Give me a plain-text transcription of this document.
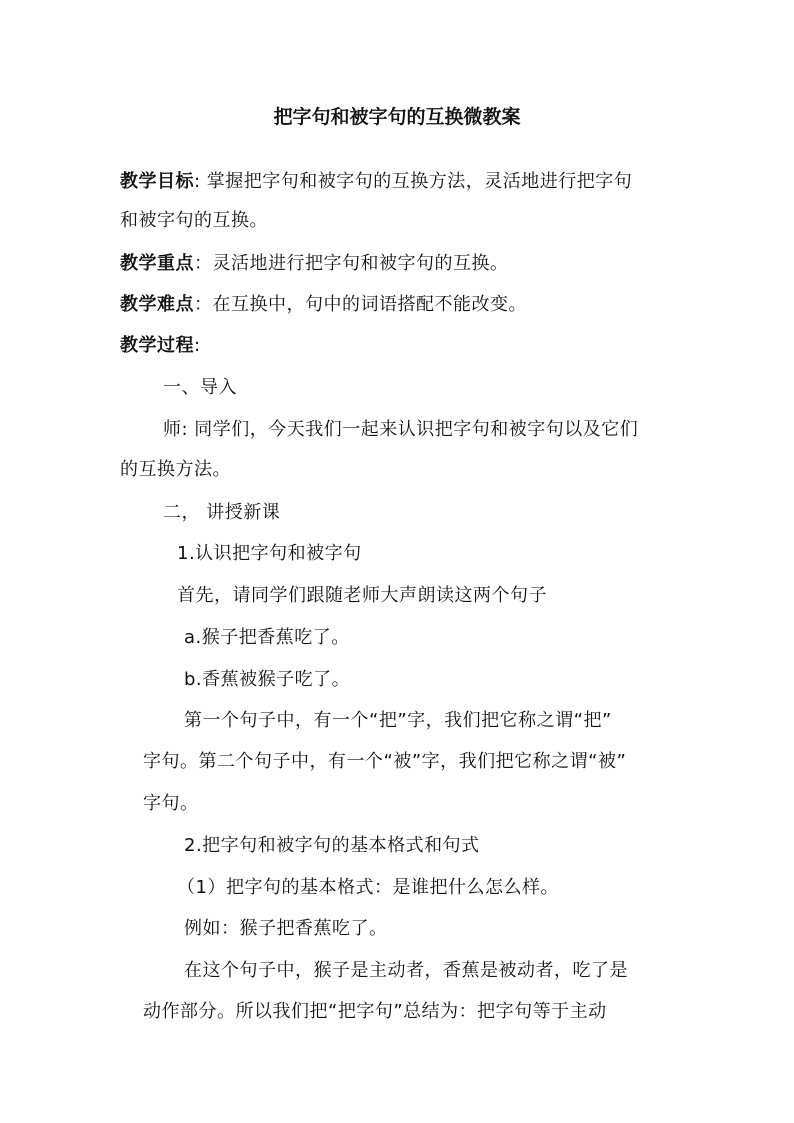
把字句和被字句的互换微教案
教学目标: 掌握把字句和被字句的互换方法，灵活地进行把字句
和被字句的互换。
教学重点：灵活地进行把字句和被字句的互换。
教学难点：在互换中，句中的词语搭配不能改变。
教学过程:
一、导入
师: 同学们，今天我们一起来认识把字句和被字句以及它们
的互换方法。
二， 讲授新课
1.认识把字句和被字句
首先，请同学们跟随老师大声朗读这两个句子
a.猴子把香蕉吃了。
b.香蕉被猴子吃了。
第一个句子中，有一个“把”字，我们把它称之谓“把”
字句。第二个句子中，有一个“被”字，我们把它称之谓“被”
字句。
2.把字句和被字句的基本格式和句式
（1）把字句的基本格式：是谁把什么怎么样。
例如：猴子把香蕉吃了。
在这个句子中，猴子是主动者，香蕉是被动者，吃了是
动作部分。所以我们把“把字句”总结为：把字句等于主动
